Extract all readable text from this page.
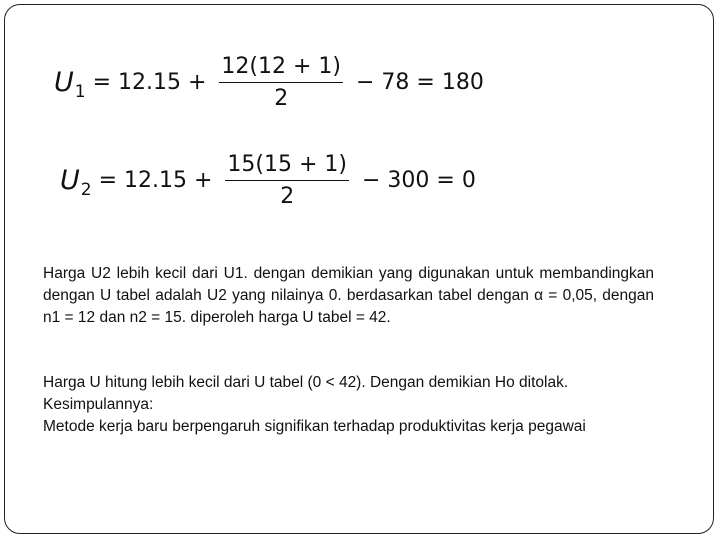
$U_1 = 12.15 + \frac{12(12 + 1)}{2} - 78 = 180$
$U_2 = 12.15 + \frac{15(15 + 1)}{2} - 300 = 0$

Harga U2 lebih kecil dari U1. dengan demikian yang digunakan untuk membandingkan dengan U tabel adalah U2 yang nilainya 0. berdasarkan tabel dengan α = 0,05, dengan n1 = 12 dan n2 = 15. diperoleh harga U tabel = 42.

Harga U hitung lebih kecil dari U tabel (0 < 42). Dengan demikian Ho ditolak.
Kesimpulannya:
Metode kerja baru berpengaruh signifikan terhadap produktivitas kerja pegawai
